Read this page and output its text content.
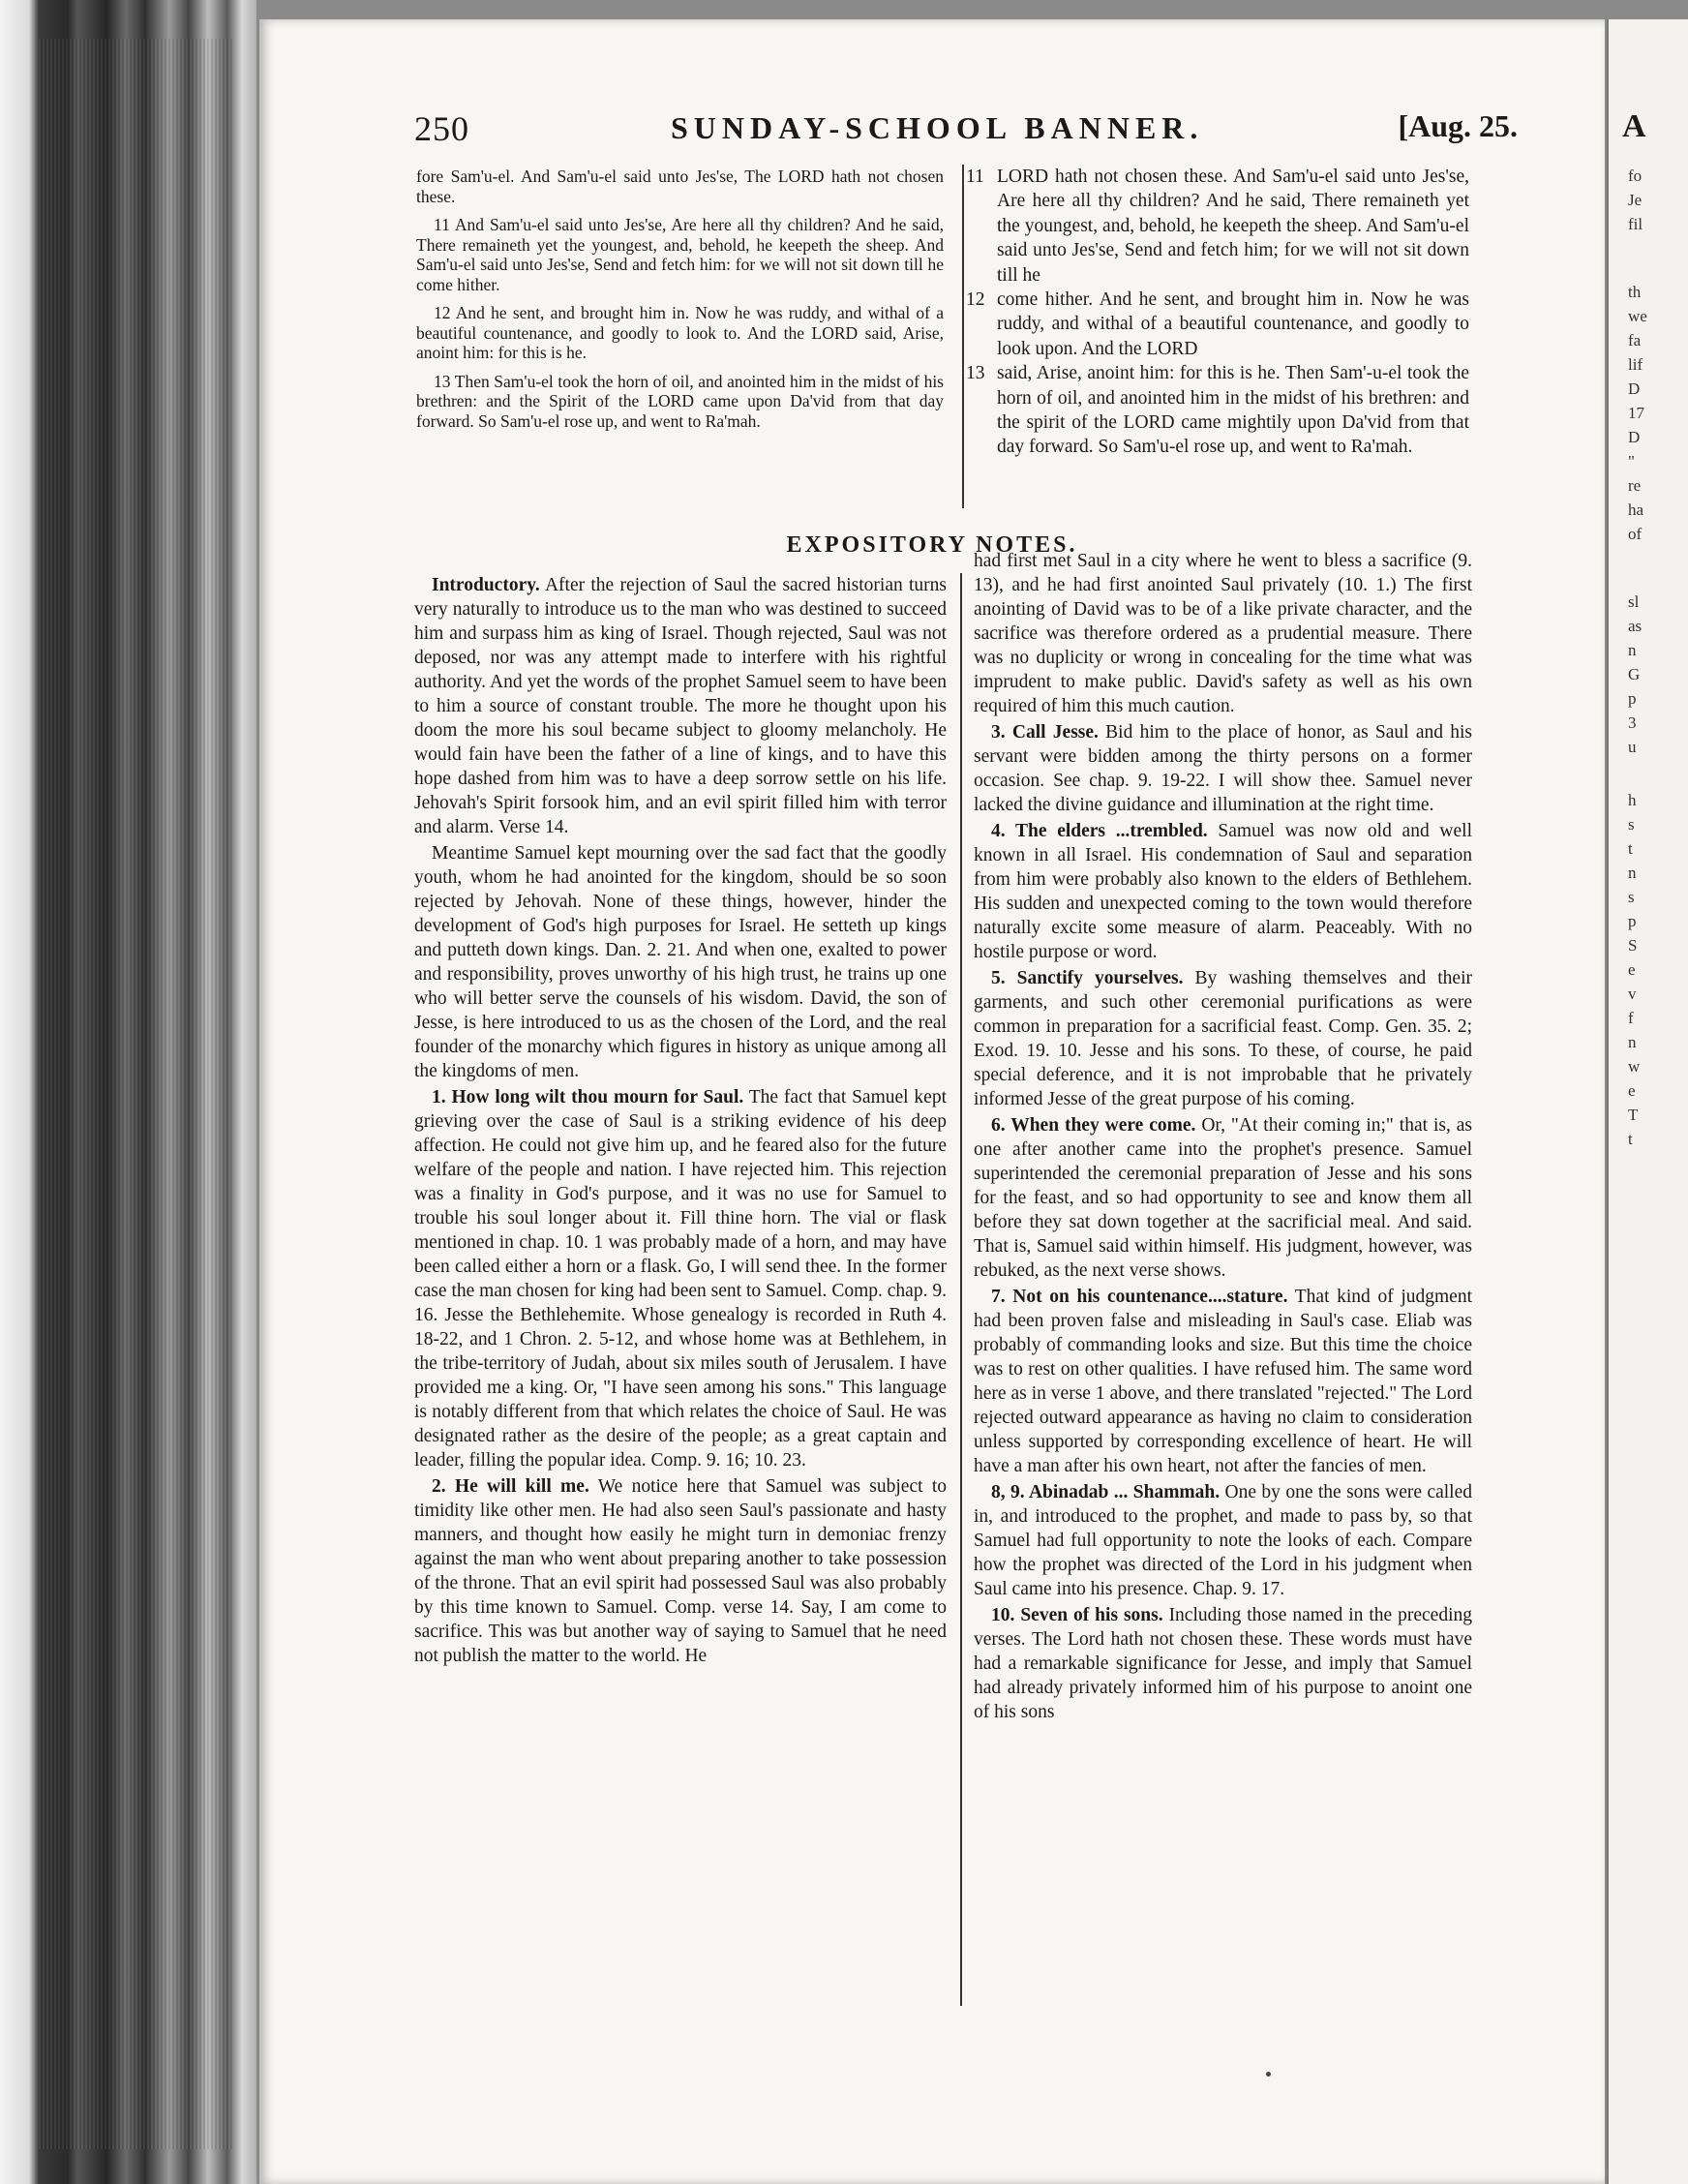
250	SUNDAY-SCHOOL BANNER.	[Aug. 25.

fore Sam'u-el. And Sam'u-el said unto Jes'se, The LORD hath not chosen these.

11 And Sam'u-el said unto Jes'se, Are here all thy children? And he said, There remaineth yet the youngest, and, behold, he keepeth the sheep. And Sam'u-el said unto Jes'se, Send and fetch him: for we will not sit down till he come hither.

12 And he sent, and brought him in. Now he was ruddy, and withal of a beautiful countenance, and goodly to look to. And the LORD said, Arise, anoint him: for this is he.

13 Then Sam'u-el took the horn of oil, and anointed him in the midst of his brethren: and the Spirit of the LORD came upon Da'vid from that day forward. So Sam'u-el rose up, and went to Ra'mah.

11 LORD hath not chosen these. And Sam'u-el said unto Jes'se, Are here all thy children? And he said, There remaineth yet the youngest, and, behold, he keepeth the sheep. And Sam'u-el said unto Jes'se, Send and fetch him; for we will not sit down till he

12 come hither. And he sent, and brought him in. Now he was ruddy, and withal of a beautiful countenance, and goodly to look upon. And the LORD

13 said, Arise, anoint him: for this is he. Then Sam'-u-el took the horn of oil, and anointed him in the midst of his brethren: and the spirit of the LORD came mightily upon Da'vid from that day forward. So Sam'u-el rose up, and went to Ra'mah.

EXPOSITORY NOTES.

Introductory. After the rejection of Saul the sacred historian turns very naturally to introduce us to the man who was destined to succeed him and surpass him as king of Israel. Though rejected, Saul was not deposed, nor was any attempt made to interfere with his rightful authority. And yet the words of the prophet Samuel seem to have been to him a source of constant trouble. The more he thought upon his doom the more his soul became subject to gloomy melancholy. He would fain have been the father of a line of kings, and to have this hope dashed from him was to have a deep sorrow settle on his life. Jehovah's Spirit forsook him, and an evil spirit filled him with terror and alarm. Verse 14.

Meantime Samuel kept mourning over the sad fact that the goodly youth, whom he had anointed for the kingdom, should be so soon rejected by Jehovah. None of these things, however, hinder the development of God's high purposes for Israel. He setteth up kings and putteth down kings. Dan. 2. 21. And when one, exalted to power and responsibility, proves unworthy of his high trust, he trains up one who will better serve the counsels of his wisdom. David, the son of Jesse, is here introduced to us as the chosen of the Lord, and the real founder of the monarchy which figures in history as unique among all the kingdoms of men.

1. How long wilt thou mourn for Saul. The fact that Samuel kept grieving over the case of Saul is a striking evidence of his deep affection. He could not give him up, and he feared also for the future welfare of the people and nation. I have rejected him. This rejection was a finality in God's purpose, and it was no use for Samuel to trouble his soul longer about it. Fill thine horn. The vial or flask mentioned in chap. 10. 1 was probably made of a horn, and may have been called either a horn or a flask. Go, I will send thee. In the former case the man chosen for king had been sent to Samuel. Comp. chap. 9. 16. Jesse the Bethlehemite. Whose genealogy is recorded in Ruth 4. 18-22, and 1 Chron. 2. 5-12, and whose home was at Bethlehem, in the tribe-territory of Judah, about six miles south of Jerusalem. I have provided me a king. Or, "I have seen among his sons." This language is notably different from that which relates the choice of Saul. He was designated rather as the desire of the people; as a great captain and leader, filling the popular idea. Comp. 9. 16; 10. 23.

2. He will kill me. We notice here that Samuel was subject to timidity like other men. He had also seen Saul's passionate and hasty manners, and thought how easily he might turn in demoniac frenzy against the man who went about preparing another to take possession of the throne. That an evil spirit had possessed Saul was also probably by this time known to Samuel. Comp. verse 14. Say, I am come to sacrifice. This was but another way of saying to Samuel that he need not publish the matter to the world. He

had first met Saul in a city where he went to bless a sacrifice (9. 13), and he had first anointed Saul privately (10. 1.) The first anointing of David was to be of a like private character, and the sacrifice was therefore ordered as a prudential measure. There was no duplicity or wrong in concealing for the time what was imprudent to make public. David's safety as well as his own required of him this much caution.

3. Call Jesse. Bid him to the place of honor, as Saul and his servant were bidden among the thirty persons on a former occasion. See chap. 9. 19-22. I will show thee. Samuel never lacked the divine guidance and illumination at the right time.

4. The elders ...trembled. Samuel was now old and well known in all Israel. His condemnation of Saul and separation from him were probably also known to the elders of Bethlehem. His sudden and unexpected coming to the town would therefore naturally excite some measure of alarm. Peaceably. With no hostile purpose or word.

5. Sanctify yourselves. By washing themselves and their garments, and such other ceremonial purifications as were common in preparation for a sacrificial feast. Comp. Gen. 35. 2; Exod. 19. 10. Jesse and his sons. To these, of course, he paid special deference, and it is not improbable that he privately informed Jesse of the great purpose of his coming.

6. When they were come. Or, "At their coming in;" that is, as one after another came into the prophet's presence. Samuel superintended the ceremonial preparation of Jesse and his sons for the feast, and so had opportunity to see and know them all before they sat down together at the sacrificial meal. And said. That is, Samuel said within himself. His judgment, however, was rebuked, as the next verse shows.

7. Not on his countenance....stature. That kind of judgment had been proven false and misleading in Saul's case. Eliab was probably of commanding looks and size. But this time the choice was to rest on other qualities. I have refused him. The same word here as in verse 1 above, and there translated "rejected." The Lord rejected outward appearance as having no claim to consideration unless supported by corresponding excellence of heart. He will have a man after his own heart, not after the fancies of men.

8, 9. Abinadab ... Shammah. One by one the sons were called in, and introduced to the prophet, and made to pass by, so that Samuel had full opportunity to note the looks of each. Compare how the prophet was directed of the Lord in his judgment when Saul came into his presence. Chap. 9. 17.

10. Seven of his sons. Including those named in the preceding verses. The Lord hath not chosen these. These words must have had a remarkable significance for Jesse, and imply that Samuel had already privately informed him of his purpose to anoint one of his sons

A
fo
Je
fil
th
we
fa
lif
D
17
D
"
re
ha
of
sl
as
n
G
p
3
u
h
s
t
n
s
p
S
e
v
f
n
w
e
T
t
